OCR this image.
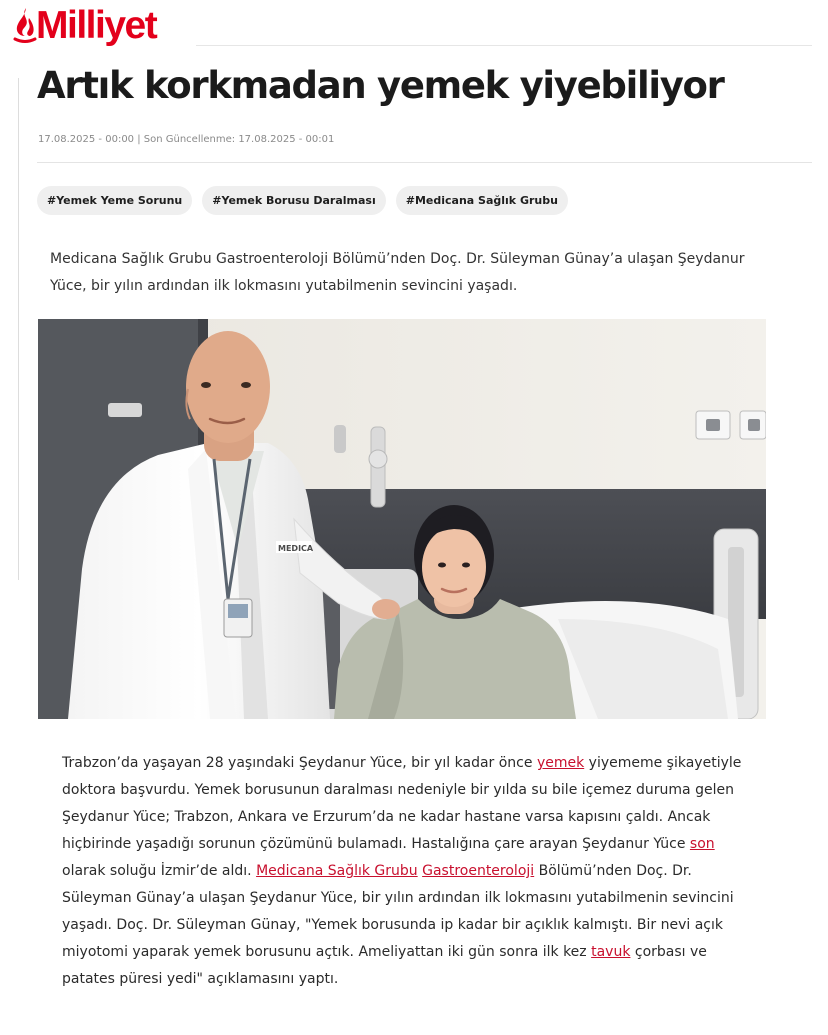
Milliyet
Artık korkmadan yemek yiyebiliyor
17.08.2025 - 00:00 | Son Güncellenme: 17.08.2025 - 00:01
#Yemek Yeme Sorunu	#Yemek Borusu Daralması	#Medicana Sağlık Grubu

Medicana Sağlık Grubu Gastroenteroloji Bölümü’nden Doç. Dr. Süleyman Günay’a ulaşan Şeydanur Yüce, bir yılın ardından ilk lokmasını yutabilmenin sevincini yaşadı.

MEDICA

Trabzon’da yaşayan 28 yaşındaki Şeydanur Yüce, bir yıl kadar önce yemek yiyememe şikayetiyle doktora başvurdu. Yemek borusunun daralması nedeniyle bir yılda su bile içemez duruma gelen Şeydanur Yüce; Trabzon, Ankara ve Erzurum’da ne kadar hastane varsa kapısını çaldı. Ancak hiçbirinde yaşadığı sorunun çözümünü bulamadı. Hastalığına çare arayan Şeydanur Yüce son olarak soluğu İzmir’de aldı. Medicana Sağlık Grubu Gastroenteroloji Bölümü’nden Doç. Dr. Süleyman Günay’a ulaşan Şeydanur Yüce, bir yılın ardından ilk lokmasını yutabilmenin sevincini yaşadı. Doç. Dr. Süleyman Günay, "Yemek borusunda ip kadar bir açıklık kalmıştı. Bir nevi açık miyotomi yaparak yemek borusunu açtık. Ameliyattan iki gün sonra ilk kez tavuk çorbası ve patates püresi yedi" açıklamasını yaptı.
